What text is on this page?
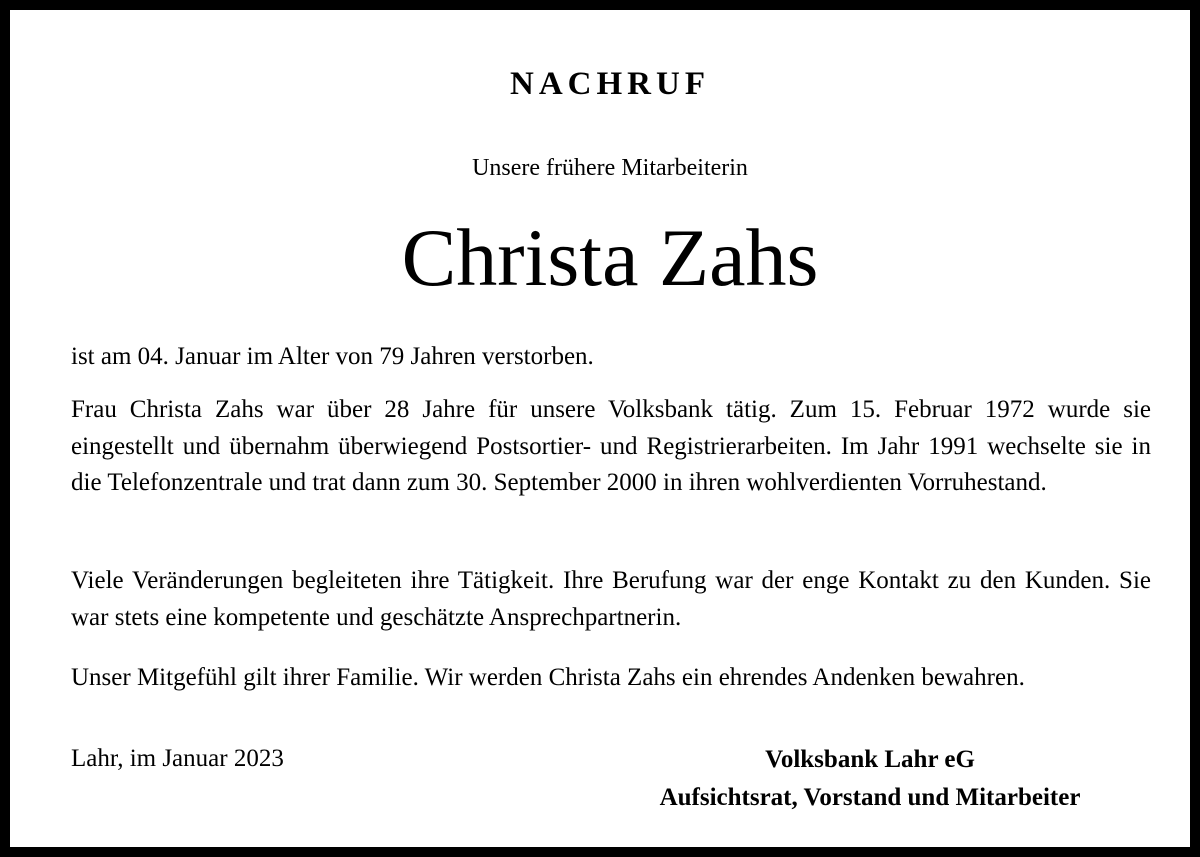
NACHRUF
Unsere frühere Mitarbeiterin
Christa Zahs

ist am 04. Januar im Alter von 79 Jahren verstorben.

Frau Christa Zahs war über 28 Jahre für unsere Volksbank tätig. Zum 15. Februar 1972 wurde sie eingestellt und übernahm überwiegend Postsortier- und Registrierarbeiten. Im Jahr 1991 wechselte sie in die Telefonzentrale und trat dann zum 30. September 2000 in ihren wohlverdienten Vorruhestand.

Viele Veränderungen begleiteten ihre Tätigkeit. Ihre Berufung war der enge Kontakt zu den Kunden. Sie war stets eine kompetente und geschätzte Ansprechpartnerin.

Unser Mitgefühl gilt ihrer Familie. Wir werden Christa Zahs ein ehrendes Andenken bewahren.

Lahr, im Januar 2023	Volksbank Lahr eG
Aufsichtsrat, Vorstand und Mitarbeiter
